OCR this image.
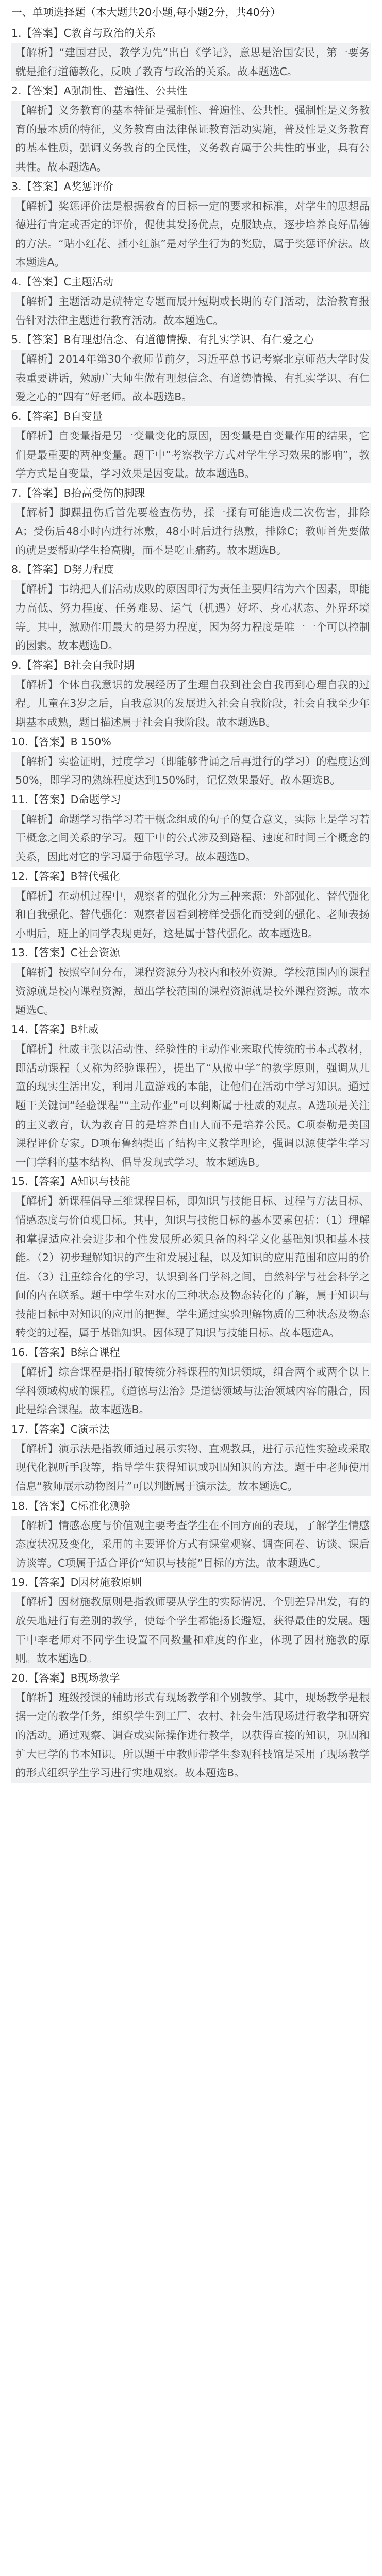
一、单项选择题（本大题共20小题,每小题2分，共40分）
1.【答案】C教育与政治的关系
【解析】“建国君民，教学为先”出自《学记》，意思是治国安民，第一要务就是推行道德教化，反映了教育与政治的关系。故本题选C。
2.【答案】A强制性、普遍性、公共性
【解析】义务教育的基本特征是强制性、普遍性、公共性。强制性是义务教育的最本质的特征，义务教育由法律保证教育活动实施，普及性是义务教育的基本性质，强调义务教育的全民性，义务教育属于公共性的事业，具有公共性。故本题选A。
3.【答案】A奖惩评价
【解析】奖惩评价法是根据教育的目标一定的要求和标准，对学生的思想品德进行肯定或否定的评价，促使其发扬优点，克服缺点，逐步培养良好品德的方法。“贴小红花、插小红旗”是对学生行为的奖励，属于奖惩评价法。故本题选A。
4.【答案】C主题活动
【解析】主题活动是就特定专题而展开短期或长期的专门活动，法治教育报告针对法律主题进行教育活动。故本题选C。
5.【答案】B有理想信念、有道德情操、有扎实学识、有仁爱之心
【解析】2014年第30个教师节前夕，习近平总书记考察北京师范大学时发表重要讲话，勉励广大师生做有理想信念、有道德情操、有扎实学识、有仁爱之心的“四有”好老师。故本题选B。
6.【答案】B自变量
【解析】自变量指是另一变量变化的原因，因变量是自变量作用的结果，它们是最重要的两种变量。题干中“考察教学方式对学生学习效果的影响”，教学方式是自变量，学习效果是因变量。故本题选B。
7.【答案】B抬高受伤的脚踝
【解析】脚踝扭伤后首先要检查伤势，揉一揉有可能造成二次伤害，排除A；受伤后48小时内进行冰敷，48小时后进行热敷，排除C；教师首先要做的就是要帮助学生抬高脚，而不是吃止痛药。故本题选B。
8.【答案】D努力程度
【解析】韦纳把人们活动成败的原因即行为责任主要归结为六个因素，即能力高低、努力程度、任务难易、运气（机遇）好坏、身心状态、外界环境等。其中，激励作用最大的是努力程度，因为努力程度是唯一一个可以控制的因素。故本题选D。
9.【答案】B社会自我时期
【解析】个体自我意识的发展经历了生理自我到社会自我再到心理自我的过程。儿童在3岁之后，自我意识的发展进入社会自我阶段，社会自我至少年期基本成熟，题目描述属于社会自我阶段。故本题选B。
10.【答案】B 150%
【解析】实验证明，过度学习（即能够背诵之后再进行的学习）的程度达到50%，即学习的熟练程度达到150%时，记忆效果最好。故本题选B。
11.【答案】D命题学习
【解析】命题学习指学习若干概念组成的句子的复合意义，实际上是学习若干概念之间关系的学习。题干中的公式涉及到路程、速度和时间三个概念的关系，因此对它的学习属于命题学习。故本题选D。
12.【答案】B替代强化
【解析】在动机过程中，观察者的强化分为三种来源：外部强化、替代强化和自我强化。替代强化：观察者因看到榜样受强化而受到的强化。老师表扬小明后，班上的同学表现更好，这是属于替代强化。故本题选B。
13.【答案】C社会资源
【解析】按照空间分布，课程资源分为校内和校外资源。学校范围内的课程资源就是校内课程资源，超出学校范围的课程资源就是校外课程资源。故本题选C。
14.【答案】B杜威
【解析】杜威主张以活动性、经验性的主动作业来取代传统的书本式教材，即活动课程（又称为经验课程），提出了“从做中学”的教学原则，强调从儿童的现实生活出发，利用儿童游戏的本能，让他们在活动中学习知识。通过题干关键词“经验课程”“主动作业”可以判断属于杜威的观点。A选项是关注的主义教育，认为教育目的是培养自由人而不是培养公民。C项泰勒是美国课程评价专家。D项布鲁纳提出了结构主义教学理论，强调以源使学生学习一门学科的基本结构、倡导发现式学习。故本题选B。
15.【答案】A知识与技能
【解析】新课程倡导三维课程目标，即知识与技能目标、过程与方法目标、情感态度与价值观目标。其中，知识与技能目标的基本要素包括：（1）理解和掌握适应社会进步和个性发展所必须具备的科学文化基础知识和基本技能。（2）初步理解知识的产生和发展过程，以及知识的应用范围和应用的价值。（3）注重综合化的学习，认识到各门学科之间，自然科学与社会科学之间的内在联系。题干中学生对水的三种状态及物态转化的了解，属于知识与技能目标中对知识的应用的把握。学生通过实验理解物质的三种状态及物态转变的过程，属于基础知识。因体现了知识与技能目标。故本题选A。
16.【答案】B综合课程
【解析】综合课程是指打破传统分科课程的知识领域，组合两个或两个以上学科领域构成的课程。《道德与法治》是道德领域与法治领域内容的融合，因此是综合课程。故本题选B。
17.【答案】C演示法
【解析】演示法是指教师通过展示实物、直观教具，进行示范性实验或采取现代化视听手段等，指导学生获得知识或巩固知识的方法。题干中老师使用信息“教师展示动物图片”可以判断属于演示法。故本题选C。
18.【答案】C标准化测验
【解析】情感态度与价值观主要考查学生在不同方面的表现，了解学生情感态度状况及变化，采用的主要评价方式有课堂观察、调查问卷、访谈、课后访谈等。C项属于适合评价“知识与技能”目标的方法。故本题选C。
19.【答案】D因材施教原则
【解析】因材施教原则是指教师要从学生的实际情况、个别差异出发，有的放矢地进行有差别的教学，使每个学生都能扬长避短，获得最佳的发展。题干中李老师对不同学生设置不同数量和难度的作业，体现了因材施教的原则。故本题选D。
20.【答案】B现场教学
【解析】班级授课的辅助形式有现场教学和个别教学。其中，现场教学是根据一定的教学任务，组织学生到工厂、农村、社会生活现场进行教学和研究的活动。通过观察、调查或实际操作进行教学，以获得直接的知识，巩固和扩大已学的书本知识。所以题干中教师带学生参观科技馆是采用了现场教学的形式组织学生学习进行实地观察。故本题选B。
